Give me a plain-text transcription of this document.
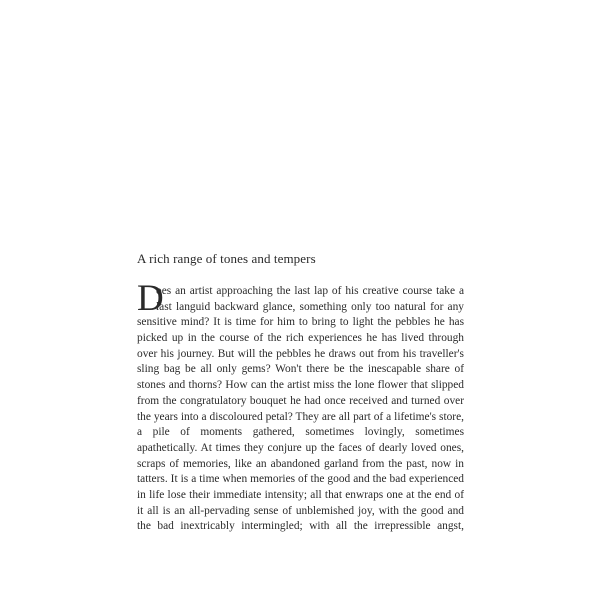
A rich range of tones and tempers
D
oes an artist approaching the last lap of his creative course take a
last languid backward glance, something only too natural for any
sensitive mind? It is time for him to bring to light the pebbles he has
picked up in the course of the rich experiences he has lived through
over his journey. But will the pebbles he draws out from his traveller's
sling bag be all only gems? Won't there be the inescapable share of
stones and thorns? How can the artist miss the lone flower that slipped
from the congratulatory bouquet he had once received and turned over
the years into a discoloured petal? They are all part of a lifetime's store,
a pile of moments gathered, sometimes lovingly, sometimes
apathetically. At times they conjure up the faces of dearly loved ones,
scraps of memories, like an abandoned garland from the past, now in
tatters. It is a time when memories of the good and the bad experienced
in life lose their immediate intensity; all that enwraps one at the end of
it all is an all-pervading sense of unblemished joy, with the good and
the bad inextricably intermingled; with all the irrepressible angst,
